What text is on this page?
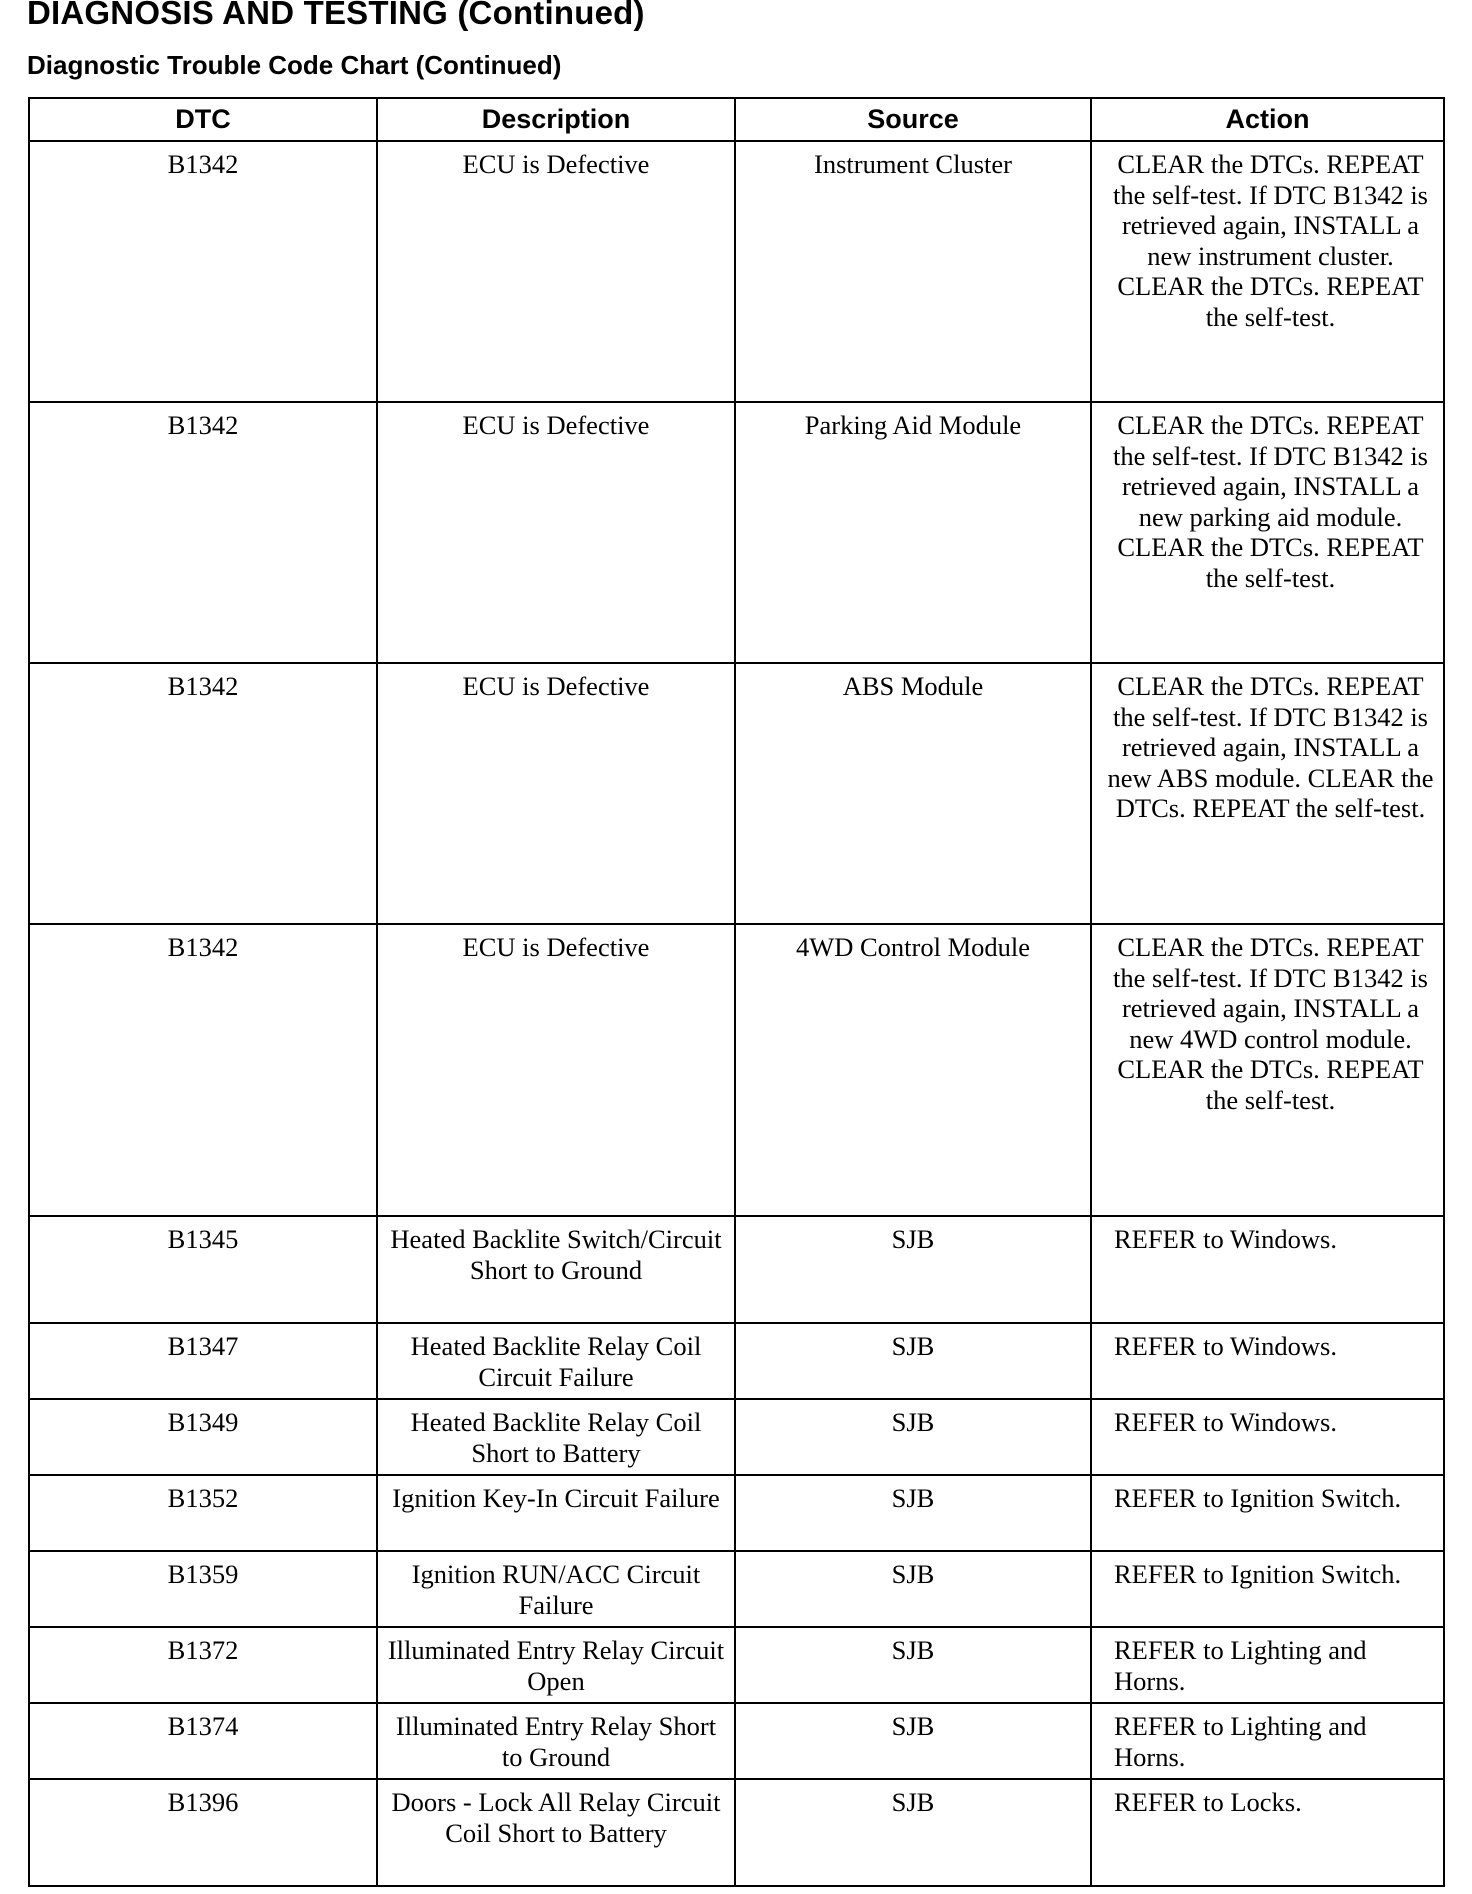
DIAGNOSIS AND TESTING (Continued)
Diagnostic Trouble Code Chart (Continued)
DTC	Description	Source	Action
B1342	ECU is Defective	Instrument Cluster	CLEAR the DTCs. REPEAT the self-test. If DTC B1342 is retrieved again, INSTALL a new instrument cluster. CLEAR the DTCs. REPEAT the self-test.
B1342	ECU is Defective	Parking Aid Module	CLEAR the DTCs. REPEAT the self-test. If DTC B1342 is retrieved again, INSTALL a new parking aid module. CLEAR the DTCs. REPEAT the self-test.
B1342	ECU is Defective	ABS Module	CLEAR the DTCs. REPEAT the self-test. If DTC B1342 is retrieved again, INSTALL a new ABS module. CLEAR the DTCs. REPEAT the self-test.
B1342	ECU is Defective	4WD Control Module	CLEAR the DTCs. REPEAT the self-test. If DTC B1342 is retrieved again, INSTALL a new 4WD control module. CLEAR the DTCs. REPEAT the self-test.
B1345	Heated Backlite Switch/Circuit Short to Ground	SJB	REFER to Windows.
B1347	Heated Backlite Relay Coil Circuit Failure	SJB	REFER to Windows.
B1349	Heated Backlite Relay Coil Short to Battery	SJB	REFER to Windows.
B1352	Ignition Key-In Circuit Failure	SJB	REFER to Ignition Switch.
B1359	Ignition RUN/ACC Circuit Failure	SJB	REFER to Ignition Switch.
B1372	Illuminated Entry Relay Circuit Open	SJB	REFER to Lighting and Horns.
B1374	Illuminated Entry Relay Short to Ground	SJB	REFER to Lighting and Horns.
B1396	Doors - Lock All Relay Circuit Coil Short to Battery	SJB	REFER to Locks.
